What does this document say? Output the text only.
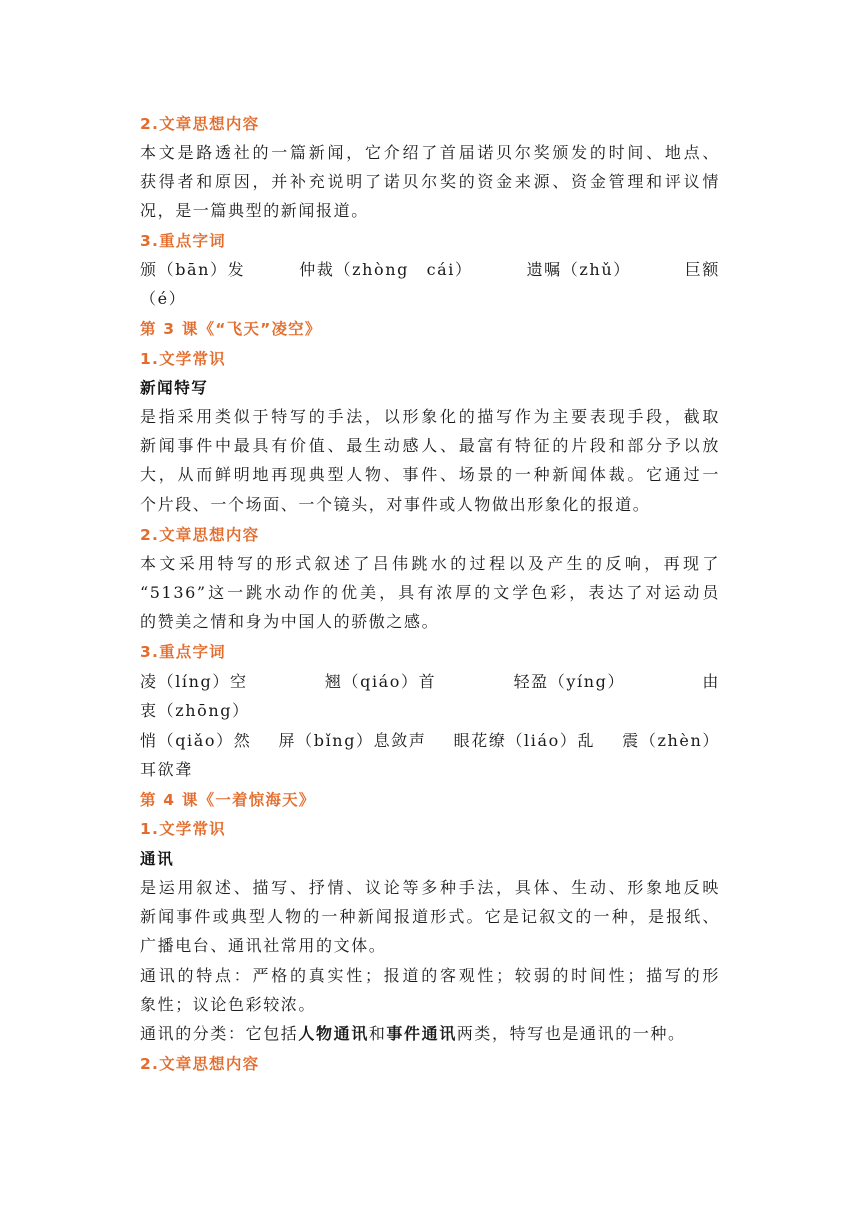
2.文章思想内容
本文是路透社的一篇新闻，它介绍了首届诺贝尔奖颁发的时间、地点、
获得者和原因，并补充说明了诺贝尔奖的资金来源、资金管理和评议情
况，是一篇典型的新闻报道。
3.重点字词
颁（bān）发	仲裁（zhòng　cái）	遗嘱（zhǔ）	巨额
（é）
第 3 课《“飞天”凌空》
1.文学常识
新闻特写
是指采用类似于特写的手法，以形象化的描写作为主要表现手段，截取
新闻事件中最具有价值、最生动感人、最富有特征的片段和部分予以放
大，从而鲜明地再现典型人物、事件、场景的一种新闻体裁。它通过一
个片段、一个场面、一个镜头，对事件或人物做出形象化的报道。
2.文章思想内容
本文采用特写的形式叙述了吕伟跳水的过程以及产生的反响，再现了
“5136”这一跳水动作的优美，具有浓厚的文学色彩，表达了对运动员
的赞美之情和身为中国人的骄傲之感。
3.重点字词
凌（líng）空	翘（qiáo）首	轻盈（yíng）	由
衷（zhōng）
悄（qiǎo）然 屏（bǐng）息敛声 眼花缭（liáo）乱 震（zhèn）
耳欲聋
第 4 课《一着惊海天》
1.文学常识
通讯
是运用叙述、描写、抒情、议论等多种手法，具体、生动、形象地反映
新闻事件或典型人物的一种新闻报道形式。它是记叙文的一种，是报纸、
广播电台、通讯社常用的文体。
通讯的特点：严格的真实性；报道的客观性；较弱的时间性；描写的形
象性；议论色彩较浓。
通讯的分类：它包括人物通讯和事件通讯两类，特写也是通讯的一种。
2.文章思想内容
